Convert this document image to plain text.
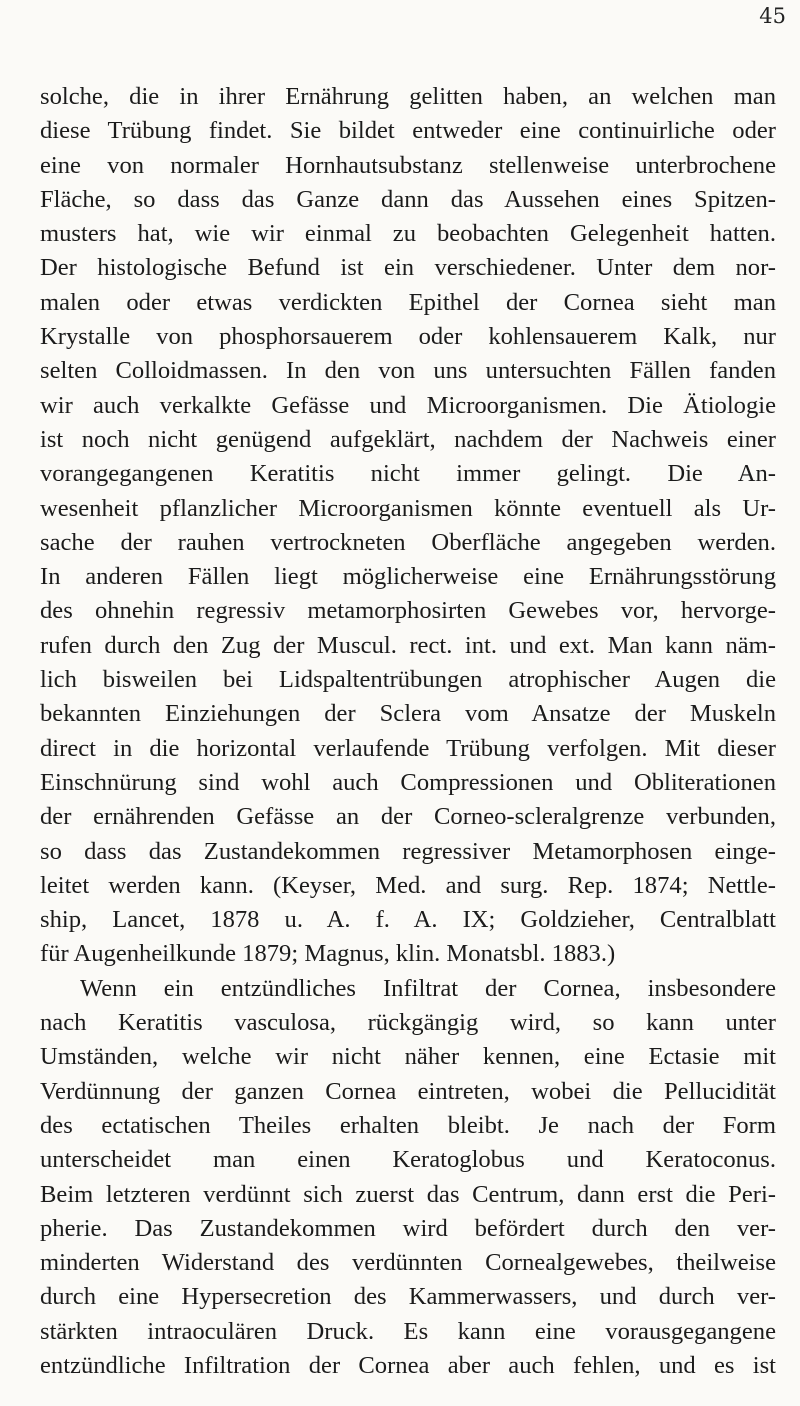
45
solche, die in ihrer Ernährung gelitten haben, an welchen man
diese Trübung findet. Sie bildet entweder eine continuirliche oder
eine von normaler Hornhautsubstanz stellenweise unterbrochene
Fläche, so dass das Ganze dann das Aussehen eines Spitzen-
musters hat, wie wir einmal zu beobachten Gelegenheit hatten.
Der histologische Befund ist ein verschiedener. Unter dem nor-
malen oder etwas verdickten Epithel der Cornea sieht man
Krystalle von phosphorsauerem oder kohlensauerem Kalk, nur
selten Colloidmassen. In den von uns untersuchten Fällen fanden
wir auch verkalkte Gefässe und Microorganismen. Die Ätiologie
ist noch nicht genügend aufgeklärt, nachdem der Nachweis einer
vorangegangenen Keratitis nicht immer gelingt. Die An-
wesenheit pflanzlicher Microorganismen könnte eventuell als Ur-
sache der rauhen vertrockneten Oberfläche angegeben werden.
In anderen Fällen liegt möglicherweise eine Ernährungsstörung
des ohnehin regressiv metamorphosirten Gewebes vor, hervorge-
rufen durch den Zug der Muscul. rect. int. und ext. Man kann näm-
lich bisweilen bei Lidspaltentrübungen atrophischer Augen die
bekannten Einziehungen der Sclera vom Ansatze der Muskeln
direct in die horizontal verlaufende Trübung verfolgen. Mit dieser
Einschnürung sind wohl auch Compressionen und Obliterationen
der ernährenden Gefässe an der Corneo-scleralgrenze verbunden,
so dass das Zustandekommen regressiver Metamorphosen einge-
leitet werden kann. (Keyser, Med. and surg. Rep. 1874; Nettle-
ship, Lancet, 1878 u. A. f. A. IX; Goldzieher, Centralblatt
für Augenheilkunde 1879; Magnus, klin. Monatsbl. 1883.)
Wenn ein entzündliches Infiltrat der Cornea, insbesondere
nach Keratitis vasculosa, rückgängig wird, so kann unter
Umständen, welche wir nicht näher kennen, eine Ectasie mit
Verdünnung der ganzen Cornea eintreten, wobei die Pellucidität
des ectatischen Theiles erhalten bleibt. Je nach der Form
unterscheidet man einen Keratoglobus und Keratoconus.
Beim letzteren verdünnt sich zuerst das Centrum, dann erst die Peri-
pherie. Das Zustandekommen wird befördert durch den ver-
minderten Widerstand des verdünnten Cornealgewebes, theilweise
durch eine Hypersecretion des Kammerwassers, und durch ver-
stärkten intraoculären Druck. Es kann eine vorausgegangene
entzündliche Infiltration der Cornea aber auch fehlen, und es ist
